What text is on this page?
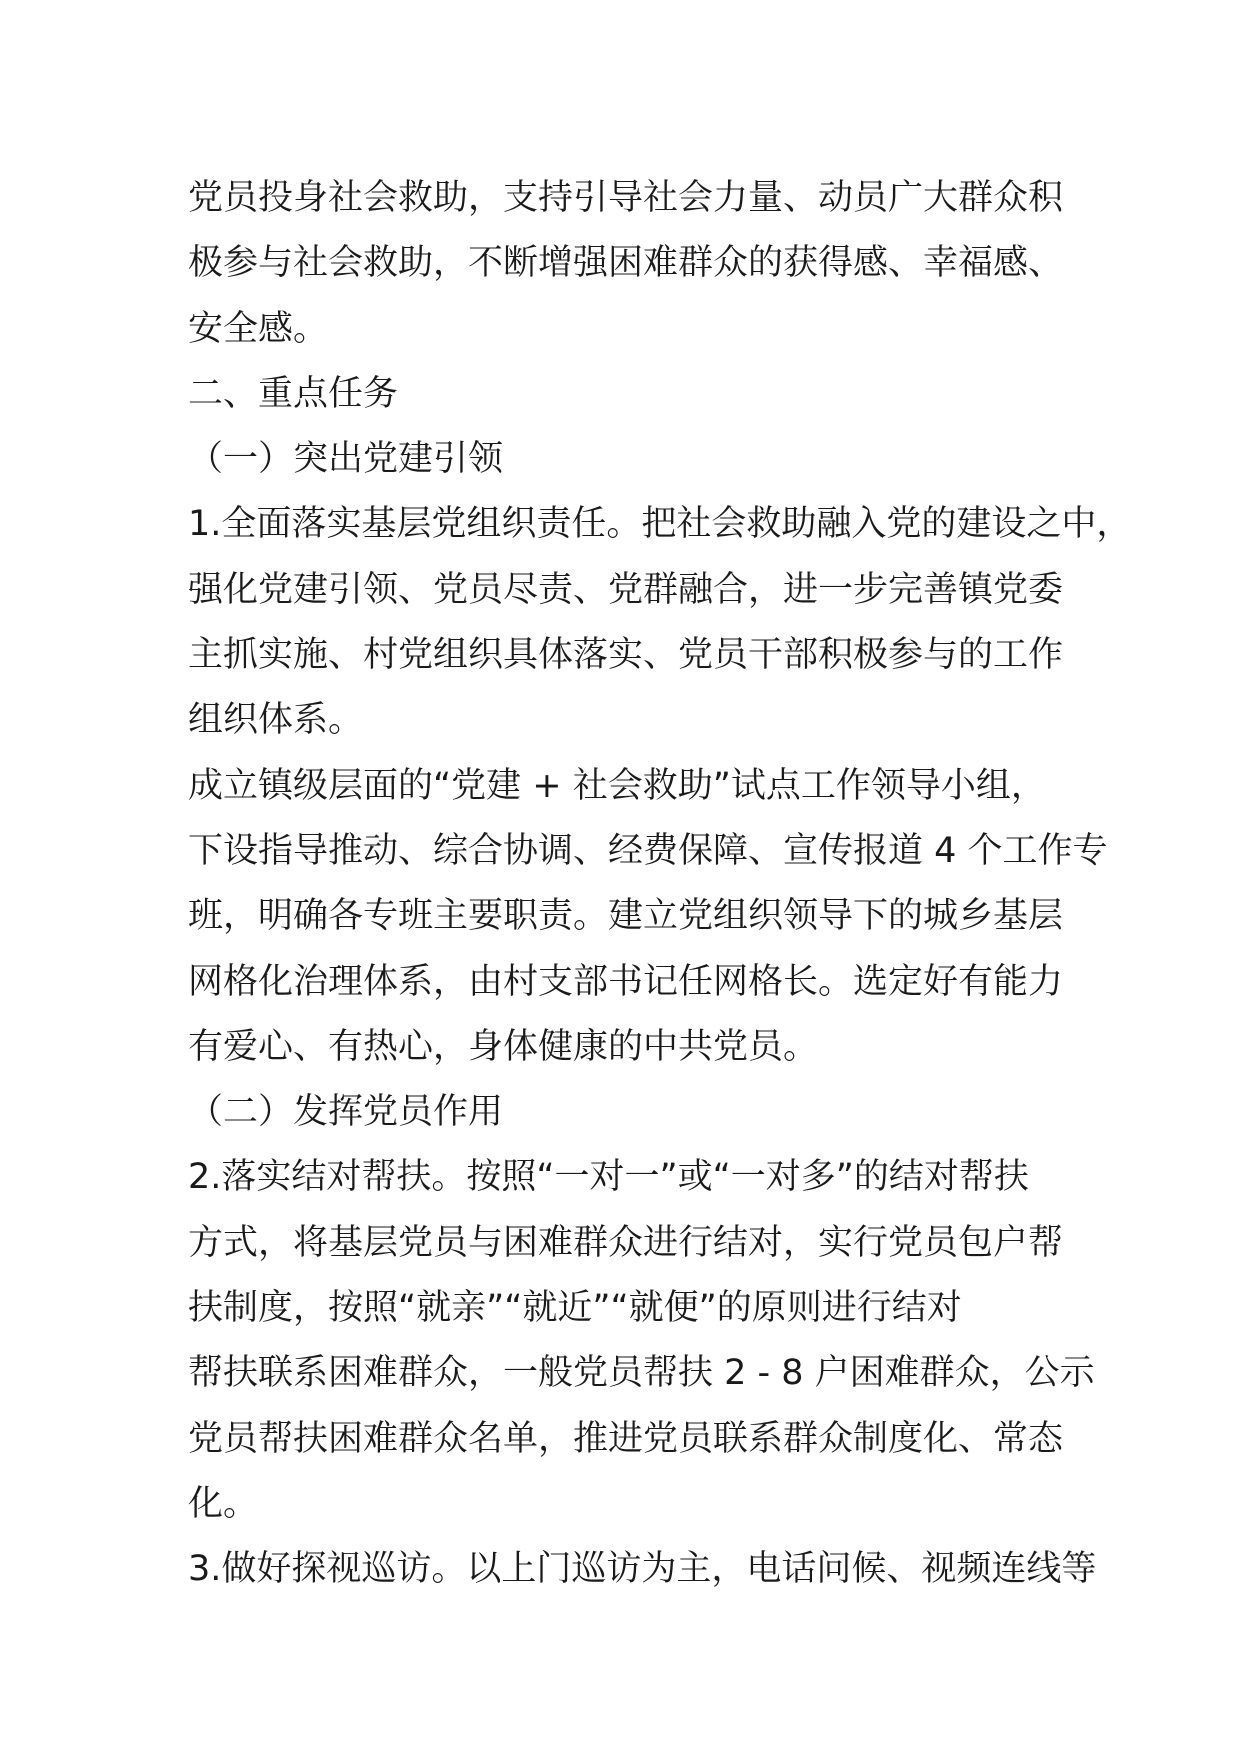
党员投身社会救助，支持引导社会力量、动员广大群众积
极参与社会救助，不断增强困难群众的获得感、幸福感、
安全感。
二、重点任务
（一）突出党建引领
1.全面落实基层党组织责任。把社会救助融入党的建设之中，
强化党建引领、党员尽责、党群融合，进一步完善镇党委
主抓实施、村党组织具体落实、党员干部积极参与的工作
组织体系。
成立镇级层面的“党建 + 社会救助”试点工作领导小组，
下设指导推动、综合协调、经费保障、宣传报道 4 个工作专
班，明确各专班主要职责。建立党组织领导下的城乡基层
网格化治理体系，由村支部书记任网格长。选定好有能力
有爱心、有热心，身体健康的中共党员。
（二）发挥党员作用
2.落实结对帮扶。按照“一对一”或“一对多”的结对帮扶
方式，将基层党员与困难群众进行结对，实行党员包户帮
扶制度，按照“就亲”“就近”“就便”的原则进行结对
帮扶联系困难群众，一般党员帮扶 2 - 8 户困难群众，公示
党员帮扶困难群众名单，推进党员联系群众制度化、常态
化。
3.做好探视巡访。以上门巡访为主，电话问候、视频连线等
